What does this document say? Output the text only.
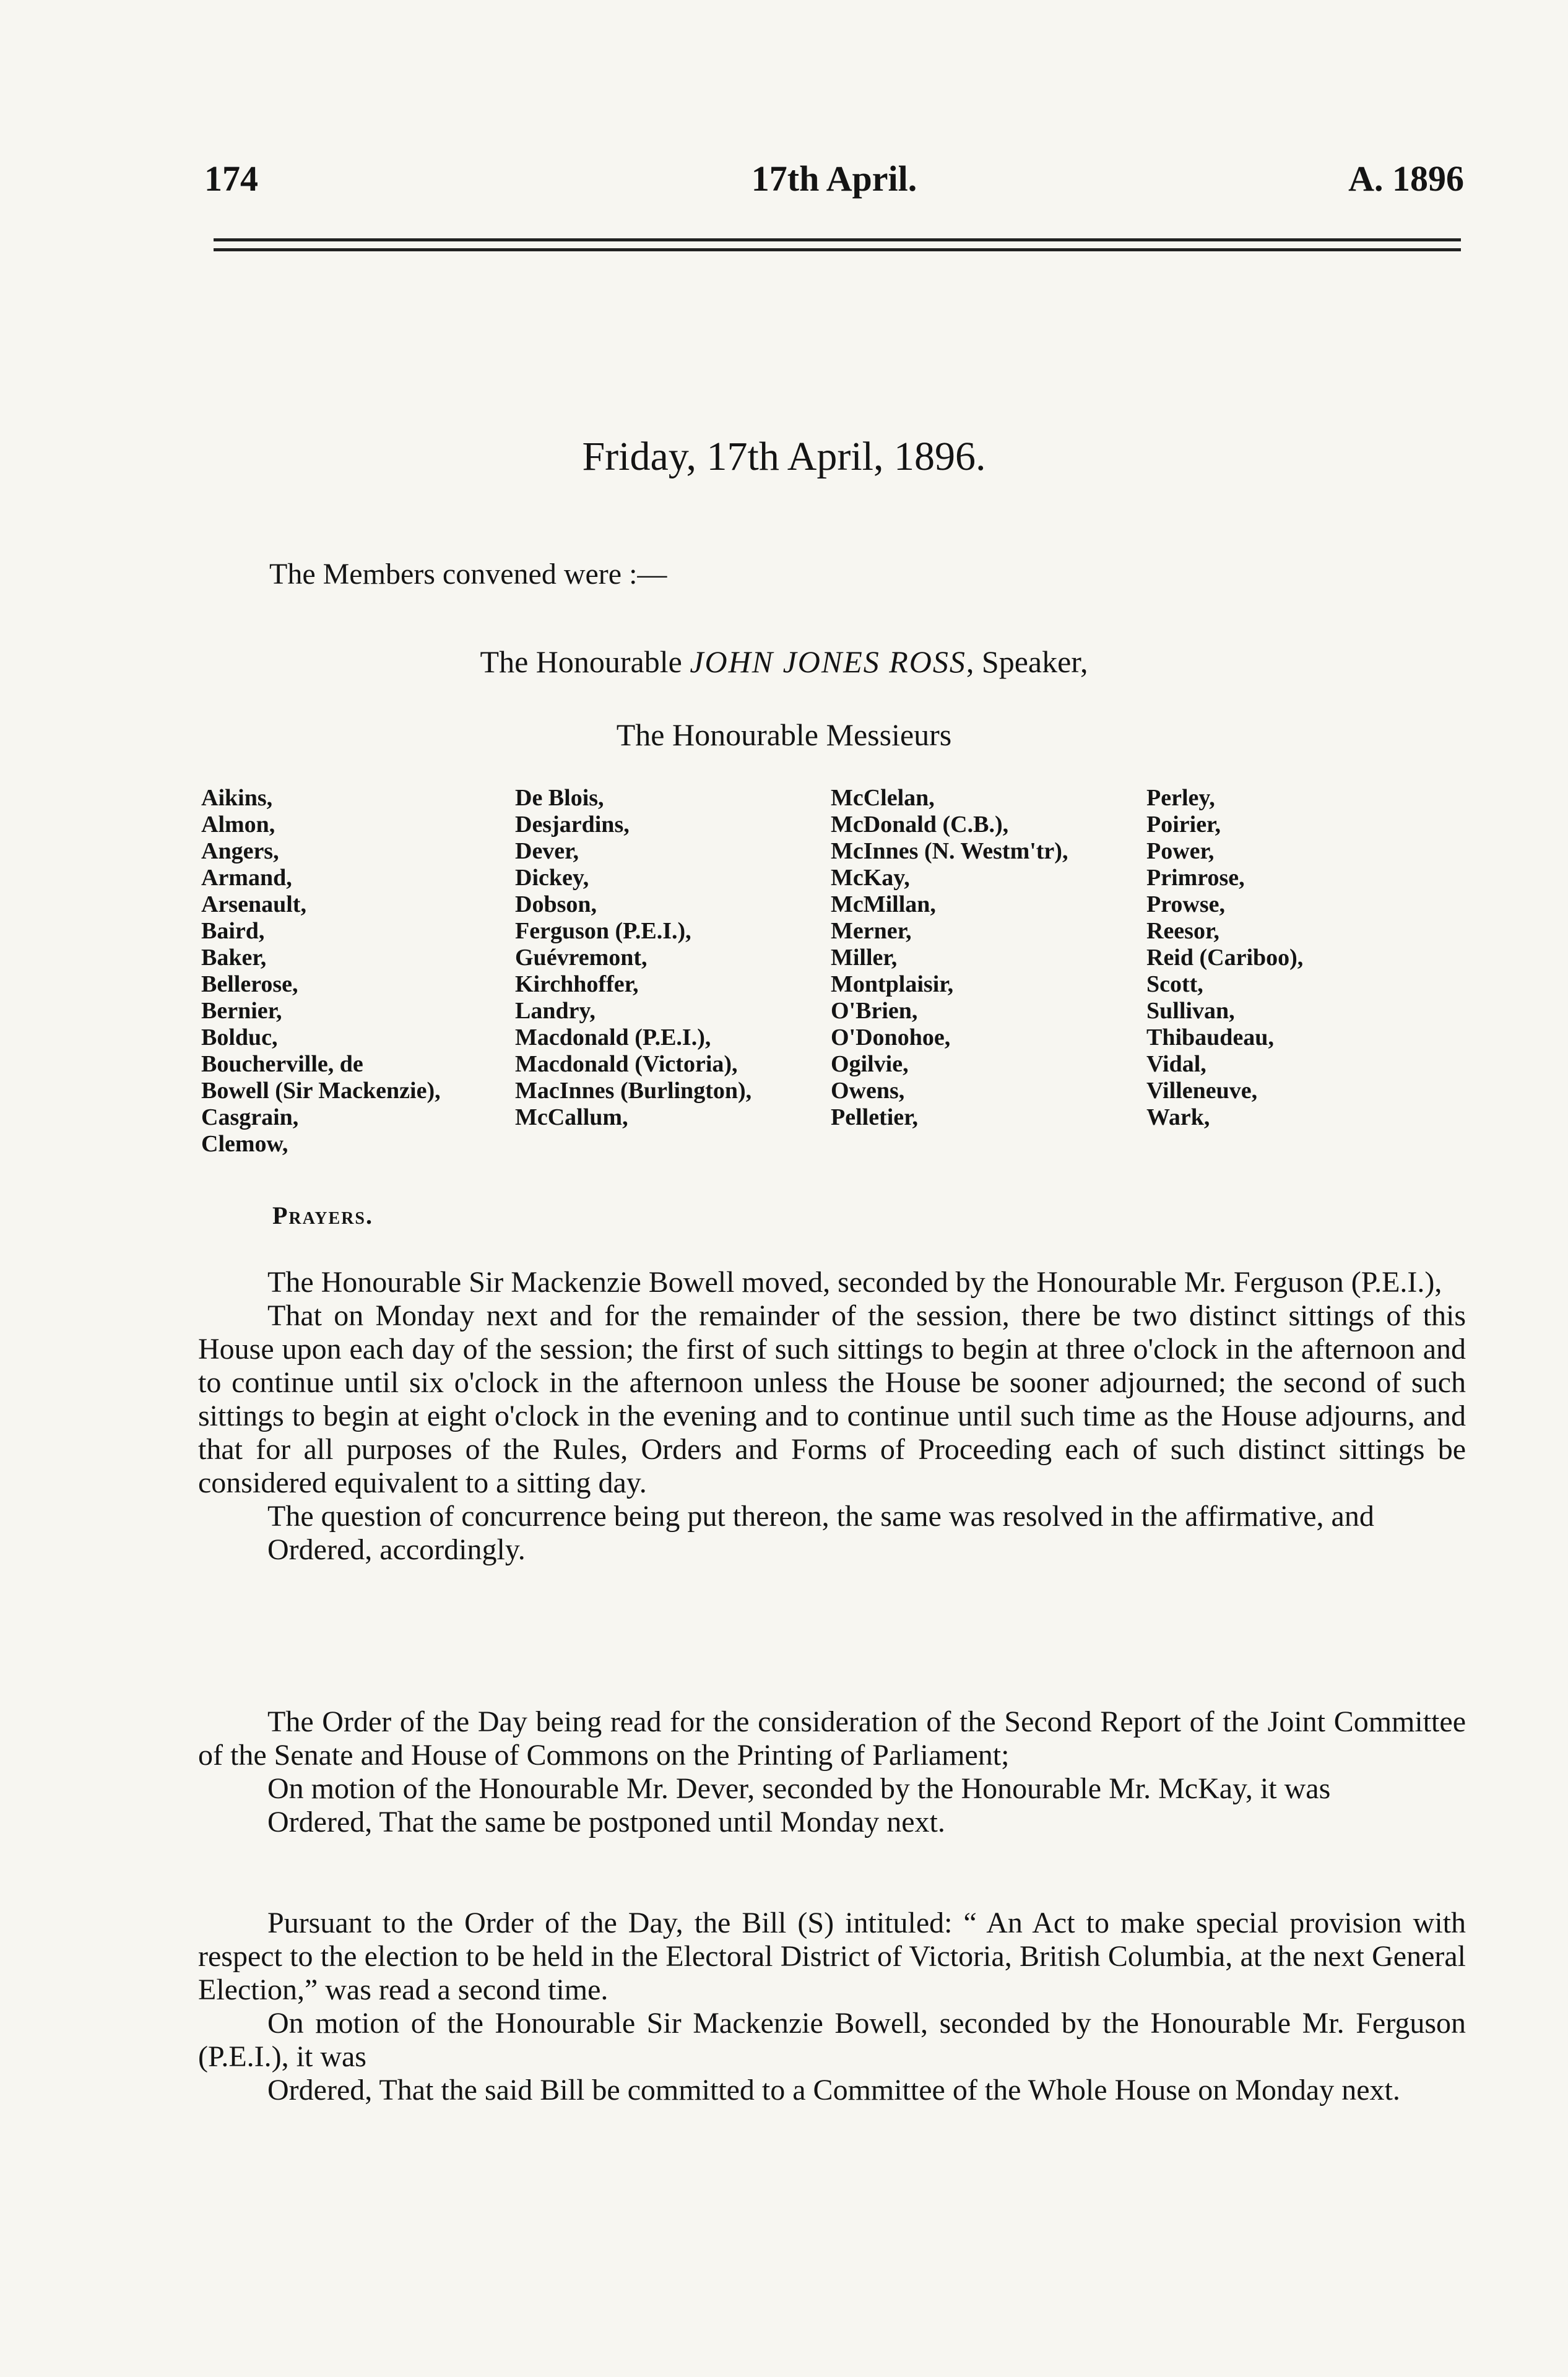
174	17th April.	A. 1896
Friday, 17th April, 1896.
The Members convened were :—
The Honourable JOHN JONES ROSS, Speaker,
The Honourable Messieurs
Aikins,
Almon,
Angers,
Armand,
Arsenault,
Baird,
Baker,
Bellerose,
Bernier,
Bolduc,
Boucherville, de
Bowell (Sir Mackenzie),
Casgrain,
Clemow,
De Blois,
Desjardins,
Dever,
Dickey,
Dobson,
Ferguson (P.E.I.),
Guévremont,
Kirchhoffer,
Landry,
Macdonald (P.E.I.),
Macdonald (Victoria),
MacInnes (Burlington),
McCallum,
McClelan,
McDonald (C.B.),
McInnes (N. Westm'tr),
McKay,
McMillan,
Merner,
Miller,
Montplaisir,
O'Brien,
O'Donohoe,
Ogilvie,
Owens,
Pelletier,
Perley,
Poirier,
Power,
Primrose,
Prowse,
Reesor,
Reid (Cariboo),
Scott,
Sullivan,
Thibaudeau,
Vidal,
Villeneuve,
Wark,
Prayers.

The Honourable Sir Mackenzie Bowell moved, seconded by the Honourable Mr. Ferguson (P.E.I.),

That on Monday next and for the remainder of the session, there be two distinct sittings of this House upon each day of the session; the first of such sittings to begin at three o'clock in the afternoon and to continue until six o'clock in the afternoon unless the House be sooner adjourned; the second of such sittings to begin at eight o'clock in the evening and to continue until such time as the House adjourns, and that for all purposes of the Rules, Orders and Forms of Proceeding each of such distinct sittings be considered equivalent to a sitting day.

The question of concurrence being put thereon, the same was resolved in the affirmative, and

Ordered, accordingly.

The Order of the Day being read for the consideration of the Second Report of the Joint Committee of the Senate and House of Commons on the Printing of Parliament;

On motion of the Honourable Mr. Dever, seconded by the Honourable Mr. McKay, it was

Ordered, That the same be postponed until Monday next.

Pursuant to the Order of the Day, the Bill (S) intituled: “ An Act to make special provision with respect to the election to be held in the Electoral District of Victoria, British Columbia, at the next General Election,” was read a second time.

On motion of the Honourable Sir Mackenzie Bowell, seconded by the Honourable Mr. Ferguson (P.E.I.), it was

Ordered, That the said Bill be committed to a Committee of the Whole House on Monday next.
